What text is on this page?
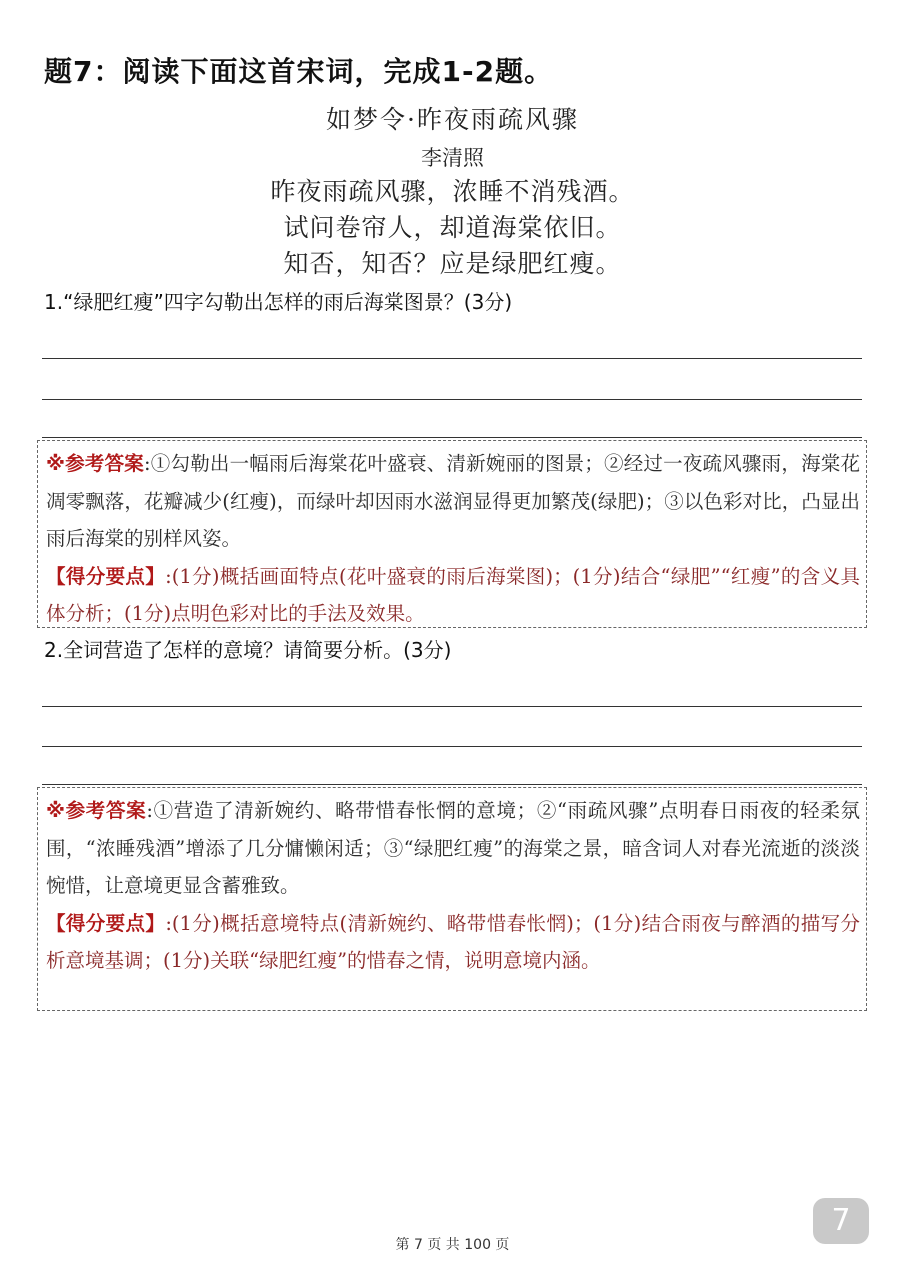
题7：阅读下面这首宋词，完成1-2题。
如梦令·昨夜雨疏风骤
李清照
昨夜雨疏风骤，浓睡不消残酒。
试问卷帘人，却道海棠依旧。
知否，知否？应是绿肥红瘦。
1.“绿肥红瘦”四字勾勒出怎样的雨后海棠图景？(3分)
※参考答案:①勾勒出一幅雨后海棠花叶盛衰、清新婉丽的图景；②经过一夜疏风骤雨，海棠花凋零飘落，花瓣减少(红瘦)，而绿叶却因雨水滋润显得更加繁茂(绿肥)；③以色彩对比，凸显出雨后海棠的别样风姿。
【得分要点】:(1分)概括画面特点(花叶盛衰的雨后海棠图)；(1分)结合“绿肥”“红瘦”的含义具体分析；(1分)点明色彩对比的手法及效果。
2.全词营造了怎样的意境？请简要分析。(3分)
※参考答案:①营造了清新婉约、略带惜春怅惘的意境；②“雨疏风骤”点明春日雨夜的轻柔氛围，“浓睡残酒”增添了几分慵懒闲适；③“绿肥红瘦”的海棠之景，暗含词人对春光流逝的淡淡惋惜，让意境更显含蓄雅致。
【得分要点】:(1分)概括意境特点(清新婉约、略带惜春怅惘)；(1分)结合雨夜与醉酒的描写分析意境基调；(1分)关联“绿肥红瘦”的惜春之情，说明意境内涵。
第 7 页 共 100 页
7
